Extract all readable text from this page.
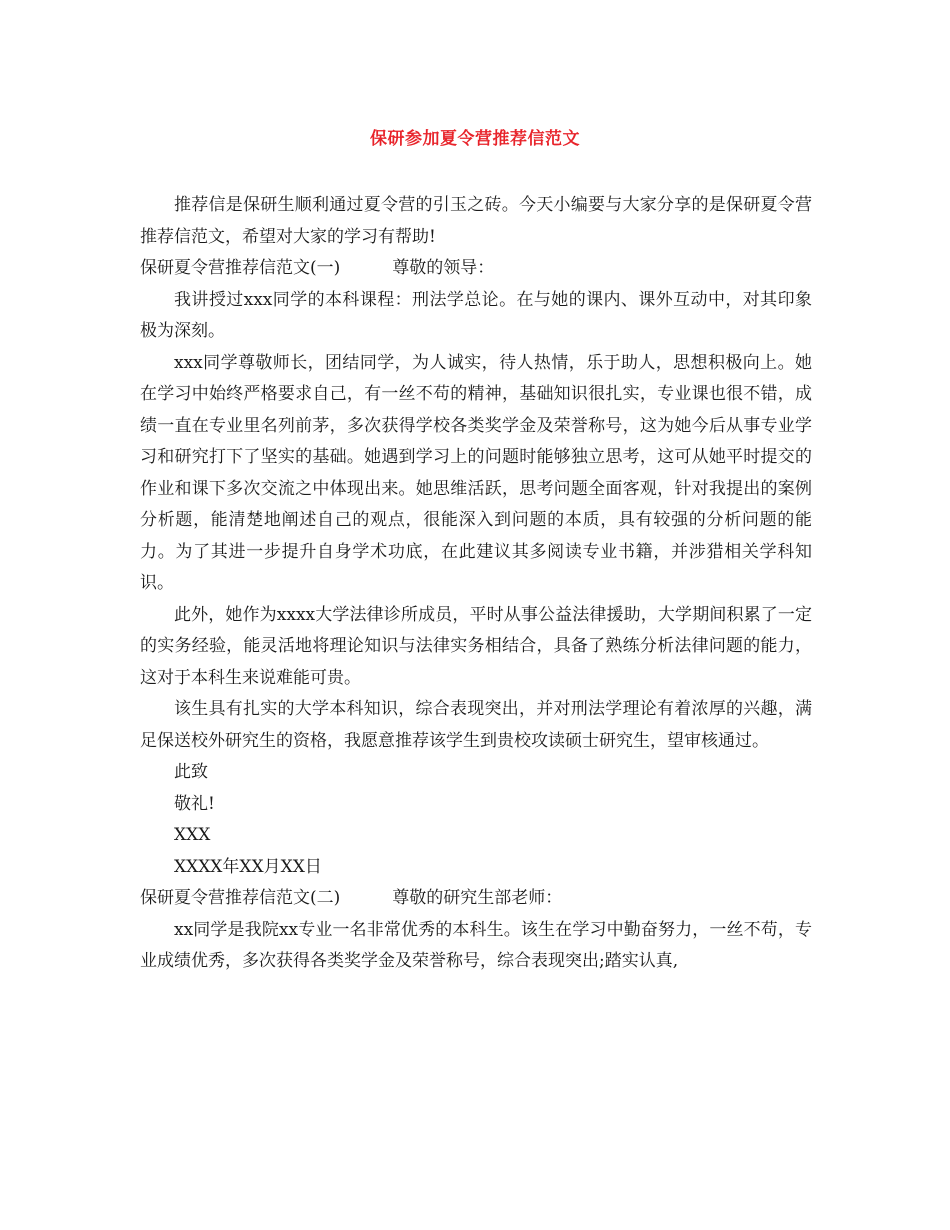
保研参加夏令营推荐信范文

推荐信是保研生顺利通过夏令营的引玉之砖。今天小编要与大家分享的是保研夏令营推荐信范文，希望对大家的学习有帮助!

保研夏令营推荐信范文(一)	尊敬的领导：

我讲授过xxx同学的本科课程：刑法学总论。在与她的课内、课外互动中，对其印象极为深刻。

xxx同学尊敬师长，团结同学，为人诚实，待人热情，乐于助人，思想积极向上。她在学习中始终严格要求自己，有一丝不苟的精神，基础知识很扎实，专业课也很不错，成绩一直在专业里名列前茅，多次获得学校各类奖学金及荣誉称号，这为她今后从事专业学习和研究打下了坚实的基础。她遇到学习上的问题时能够独立思考，这可从她平时提交的作业和课下多次交流之中体现出来。她思维活跃，思考问题全面客观，针对我提出的案例分析题，能清楚地阐述自己的观点，很能深入到问题的本质，具有较强的分析问题的能力。为了其进一步提升自身学术功底，在此建议其多阅读专业书籍，并涉猎相关学科知识。

此外，她作为xxxx大学法律诊所成员，平时从事公益法律援助，大学期间积累了一定的实务经验，能灵活地将理论知识与法律实务相结合，具备了熟练分析法律问题的能力，这对于本科生来说难能可贵。

该生具有扎实的大学本科知识，综合表现突出，并对刑法学理论有着浓厚的兴趣，满足保送校外研究生的资格，我愿意推荐该学生到贵校攻读硕士研究生，望审核通过。

此致

敬礼!

XXX

XXXX年XX月XX日

保研夏令营推荐信范文(二)	尊敬的研究生部老师：

xx同学是我院xx专业一名非常优秀的本科生。该生在学习中勤奋努力，一丝不苟，专业成绩优秀，多次获得各类奖学金及荣誉称号，综合表现突出;踏实认真,
